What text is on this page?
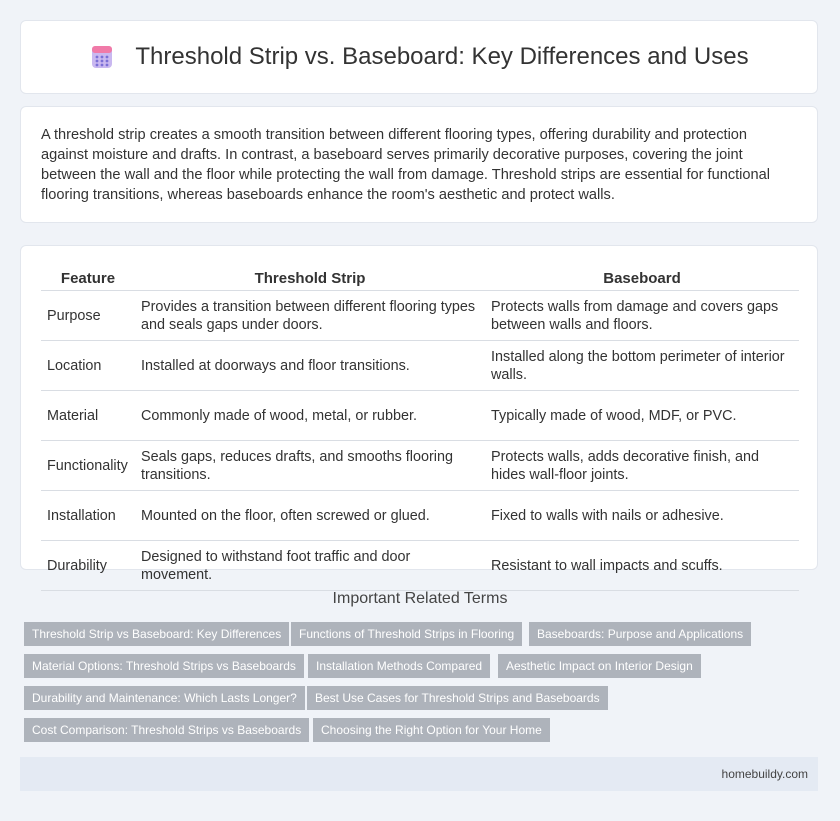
Threshold Strip vs. Baseboard: Key Differences and Uses

A threshold strip creates a smooth transition between different flooring types, offering durability and protection against moisture and drafts. In contrast, a baseboard serves primarily decorative purposes, covering the joint between the wall and the floor while protecting the wall from damage. Threshold strips are essential for functional flooring transitions, whereas baseboards enhance the room's aesthetic and protect walls.

Feature	Threshold Strip	Baseboard
Purpose	Provides a transition between different flooring types and seals gaps under doors.	Protects walls from damage and covers gaps between walls and floors.
Location	Installed at doorways and floor transitions.	Installed along the bottom perimeter of interior walls.
Material	Commonly made of wood, metal, or rubber.	Typically made of wood, MDF, or PVC.
Functionality	Seals gaps, reduces drafts, and smooths flooring transitions.	Protects walls, adds decorative finish, and hides wall-floor joints.
Installation	Mounted on the floor, often screwed or glued.	Fixed to walls with nails or adhesive.
Durability	Designed to withstand foot traffic and door movement.	Resistant to wall impacts and scuffs.
Important Related Terms
Threshold Strip vs Baseboard: Key Differences	Functions of Threshold Strips in Flooring	Baseboards: Purpose and Applications
Material Options: Threshold Strips vs Baseboards	Installation Methods Compared	Aesthetic Impact on Interior Design
Durability and Maintenance: Which Lasts Longer?	Best Use Cases for Threshold Strips and Baseboards
Cost Comparison: Threshold Strips vs Baseboards	Choosing the Right Option for Your Home
homebuildy.com
